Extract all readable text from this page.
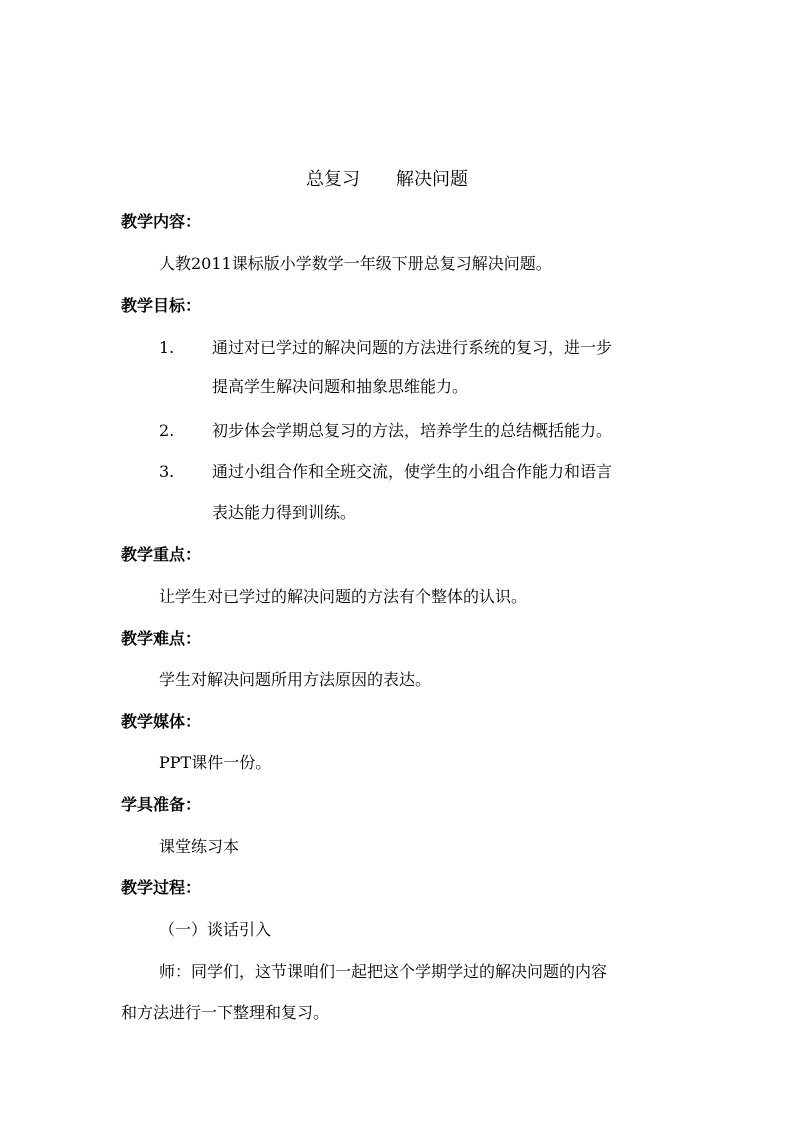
总复习 解决问题
教学内容：
人教2011课标版小学数学一年级下册总复习解决问题。
教学目标：
1. 通过对已学过的解决问题的方法进行系统的复习，进一步
提高学生解决问题和抽象思维能力。
2. 初步体会学期总复习的方法，培养学生的总结概括能力。
3. 通过小组合作和全班交流，使学生的小组合作能力和语言
表达能力得到训练。
教学重点：
让学生对已学过的解决问题的方法有个整体的认识。
教学难点：
学生对解决问题所用方法原因的表达。
教学媒体：
PPT课件一份。
学具准备：
课堂练习本
教学过程：
（一）谈话引入
师：同学们，这节课咱们一起把这个学期学过的解决问题的内容
和方法进行一下整理和复习。
